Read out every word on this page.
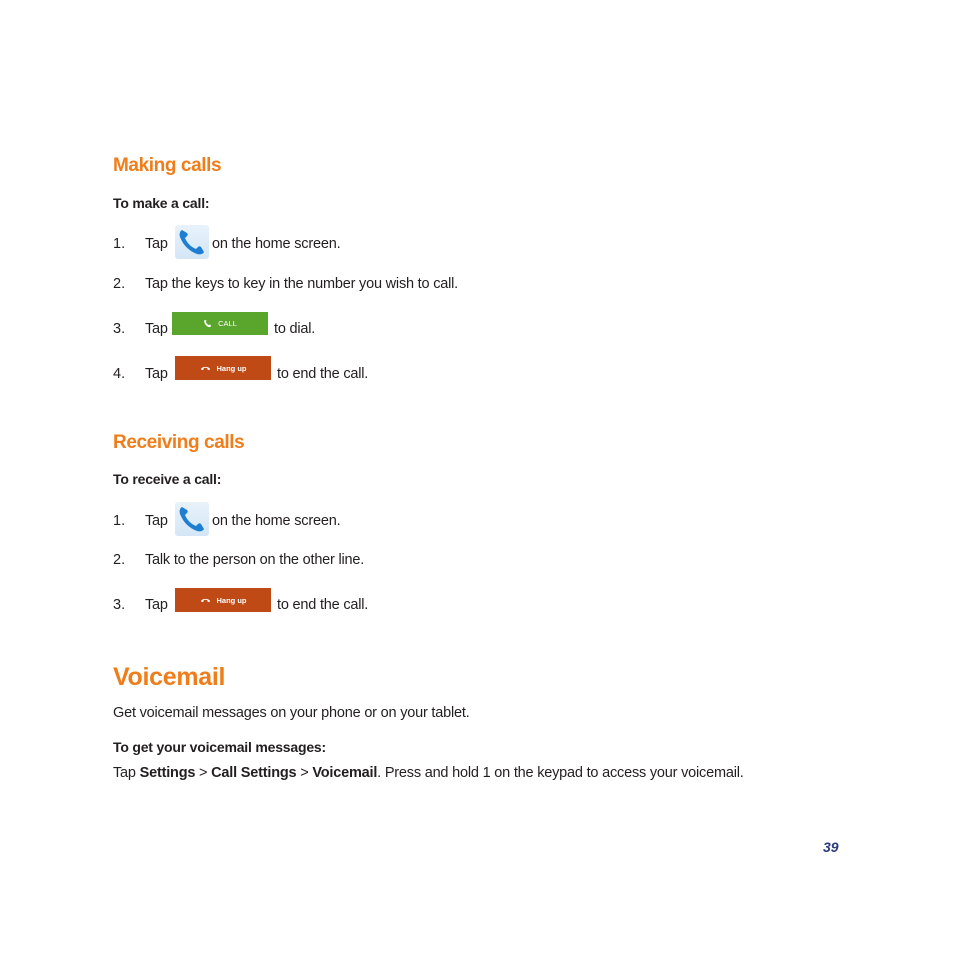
Making calls
To make a call:
1. Tap	on the home screen.
2. Tap the keys to key in the number you wish to call.
3. Tap	CALL	to dial.
4. Tap	Hang up to end the call.
Receiving calls
To receive a call:
1. Tap	on the home screen.
2. Talk to the person on the other line.
3. Tap	Hang up to end the call.
Voicemail
Get voicemail messages on your phone or on your tablet.
To get your voicemail messages:
Tap Settings > Call Settings > Voicemail. Press and hold 1 on the keypad to access your voicemail.
39
